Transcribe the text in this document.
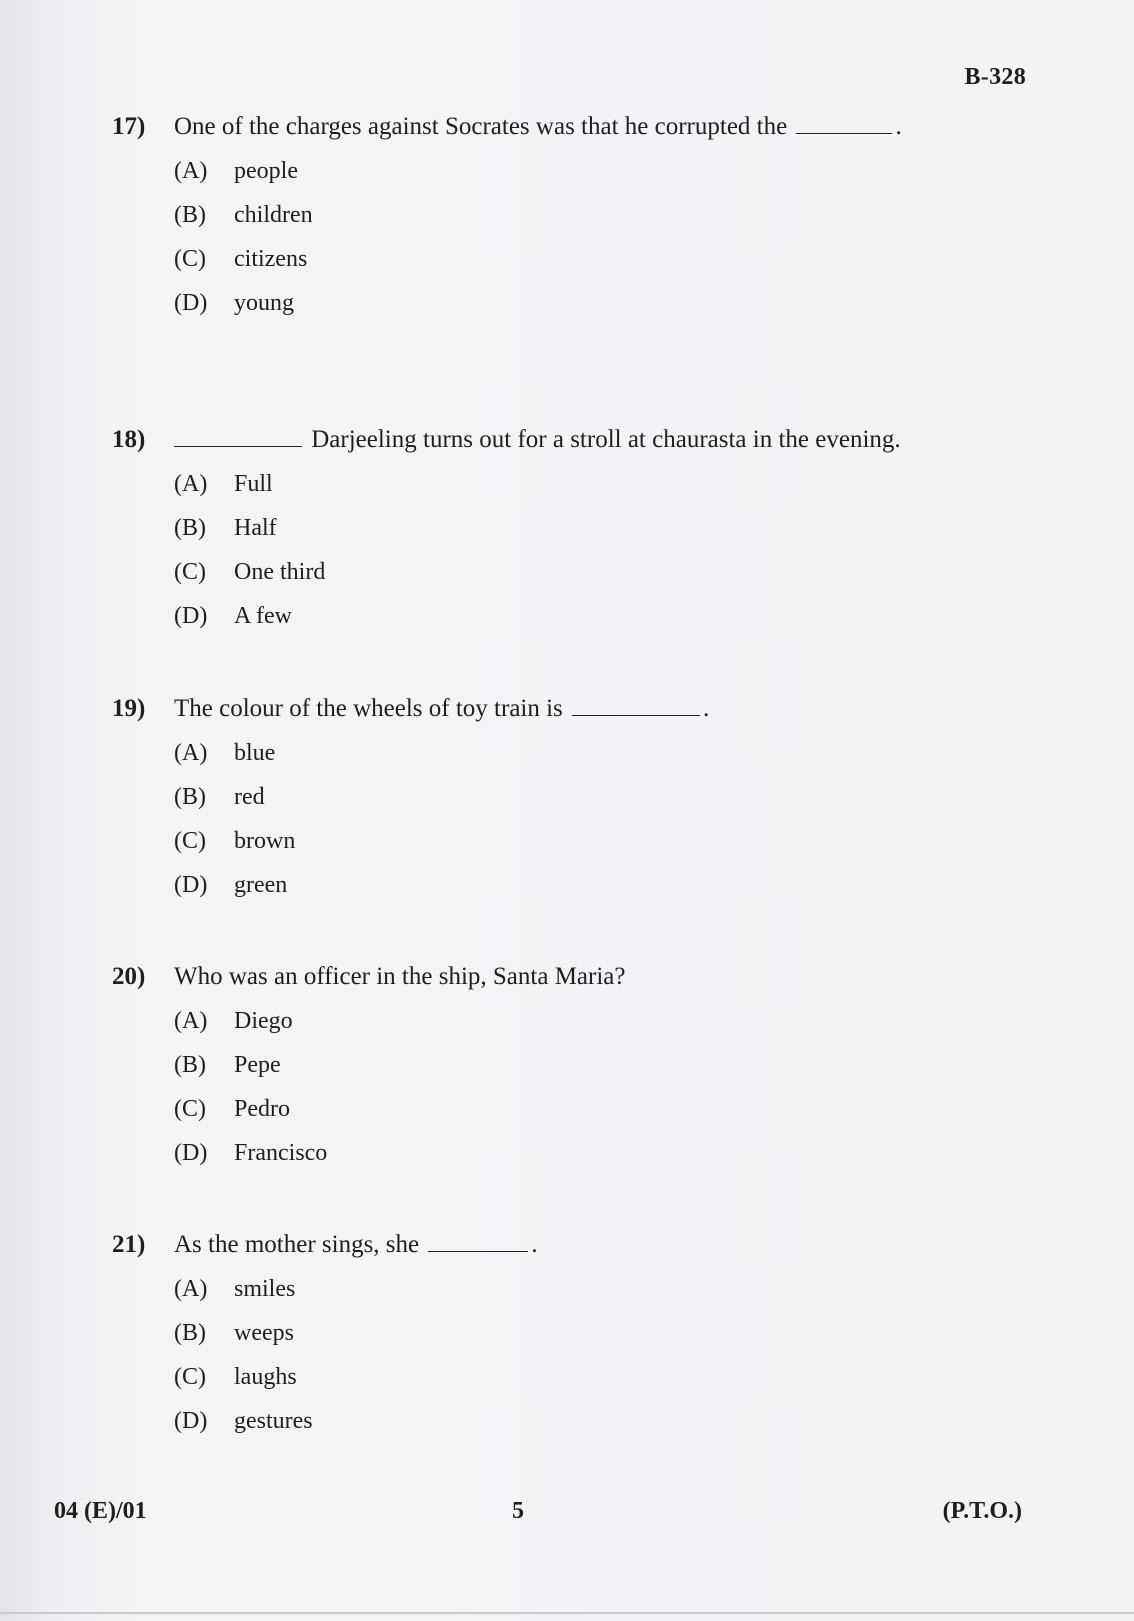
B-328
17) One of the charges against Socrates was that he corrupted the	.
(A) people
(B) children
(C) citizens
(D) young
18)	Darjeeling turns out for a stroll at chaurasta in the evening.
(A) Full
(B) Half
(C) One third
(D) A few
19) The colour of the wheels of toy train is	.
(A) blue
(B) red
(C) brown
(D) green
20) Who was an officer in the ship, Santa Maria?
(A) Diego
(B) Pepe
(C) Pedro
(D) Francisco
21) As the mother sings, she	.
(A) smiles
(B) weeps
(C) laughs
(D) gestures
04 (E)/01	5	(P.T.O.)
